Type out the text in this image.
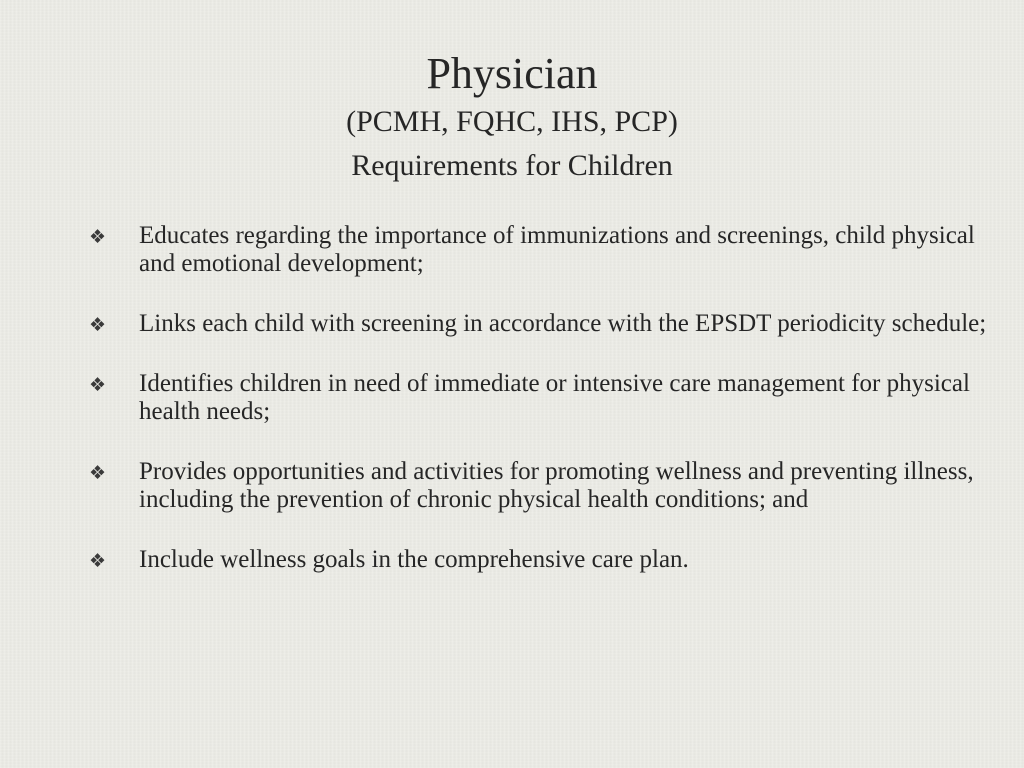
Physician
(PCMH, FQHC, IHS, PCP)
Requirements for Children
❖ Educates regarding the importance of immunizations and screenings, child physical and emotional development;
❖ Links each child with screening in accordance with the EPSDT periodicity schedule;
❖ Identifies children in need of immediate or intensive care management for physical health needs;
❖ Provides opportunities and activities for promoting wellness and preventing illness, including the prevention of chronic physical health conditions; and
❖ Include wellness goals in the comprehensive care plan.
